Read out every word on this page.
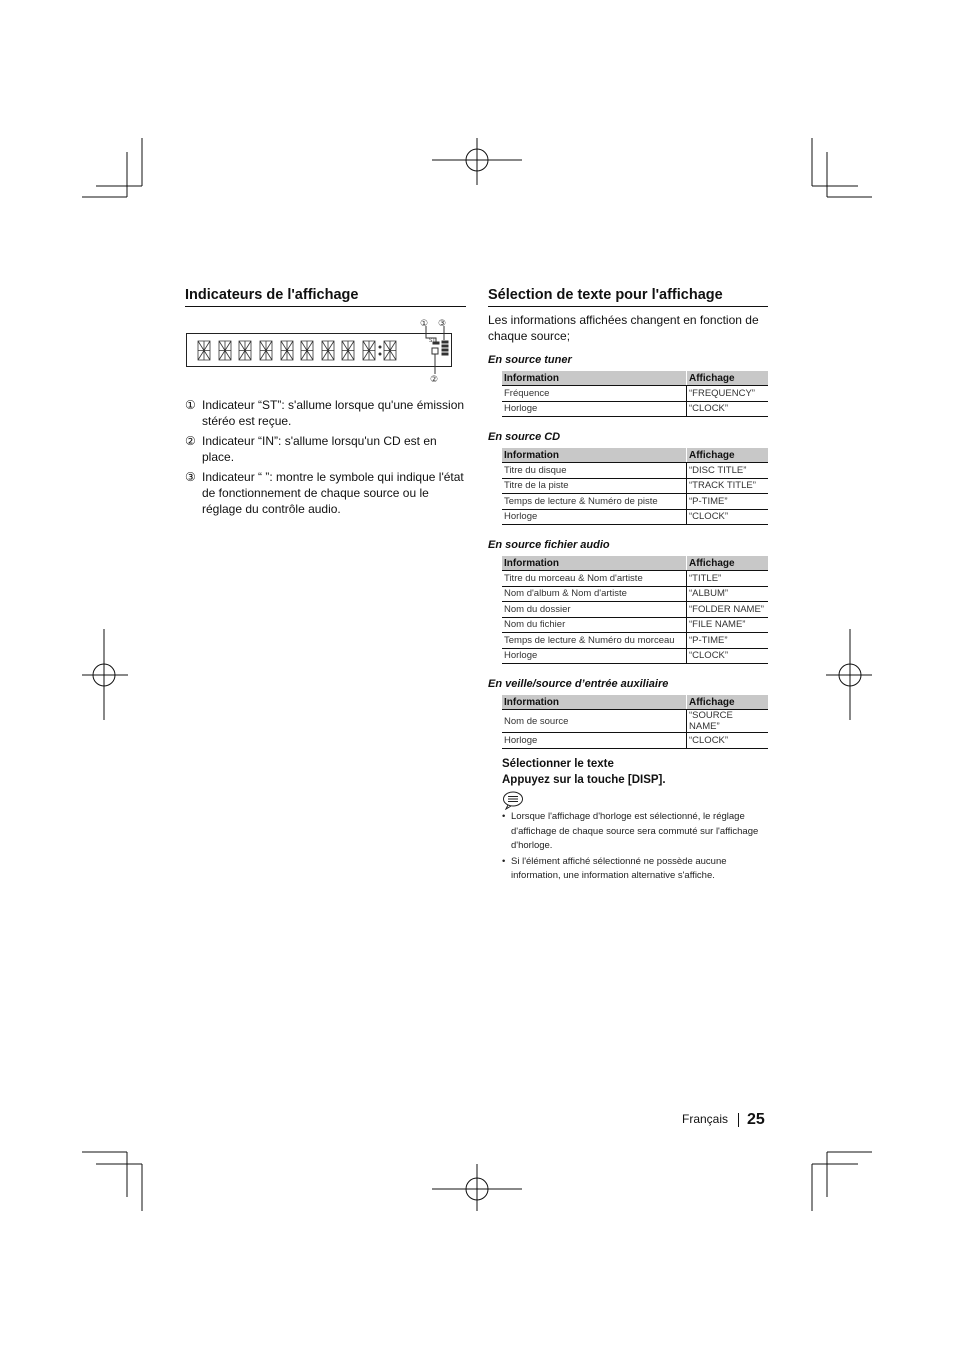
Indicateurs de l'affichage
ST
① ③
②
① Indicateur “ST”: s'allume lorsque qu'une émission stéréo est reçue.
② Indicateur “IN”: s'allume lorsqu'un CD est en place.
③ Indicateur “ ”: montre le symbole qui indique l'état de fonctionnement de chaque source ou le réglage du contrôle audio.
Sélection de texte pour l'affichage

Les informations affichées changent en fonction de chaque source;

En source tuner

Information	Affichage
Fréquence	“FREQUENCY”
Horloge	“CLOCK”

En source CD

Information	Affichage
Titre du disque	“DISC TITLE”
Titre de la piste	“TRACK TITLE”
Temps de lecture & Numéro de piste	“P-TIME”
Horloge	“CLOCK”

En source fichier audio

Information	Affichage
Titre du morceau & Nom d'artiste	“TITLE”
Nom d'album & Nom d'artiste	“ALBUM”
Nom du dossier	“FOLDER NAME”
Nom du fichier	“FILE NAME”
Temps de lecture & Numéro du morceau	“P-TIME”
Horloge	“CLOCK”

En veille/source d’entrée auxiliaire

Information	Affichage
Nom de source	“SOURCE NAME”
Horloge	“CLOCK”
Sélectionner le texte
Appuyez sur la touche [DISP].
• Lorsque l'affichage d'horloge est sélectionné, le réglage d'affichage de chaque source sera commuté sur l'affichage d'horloge.
• Si l'élément affiché sélectionné ne possède aucune information, une information alternative s'affiche.
Français 25
